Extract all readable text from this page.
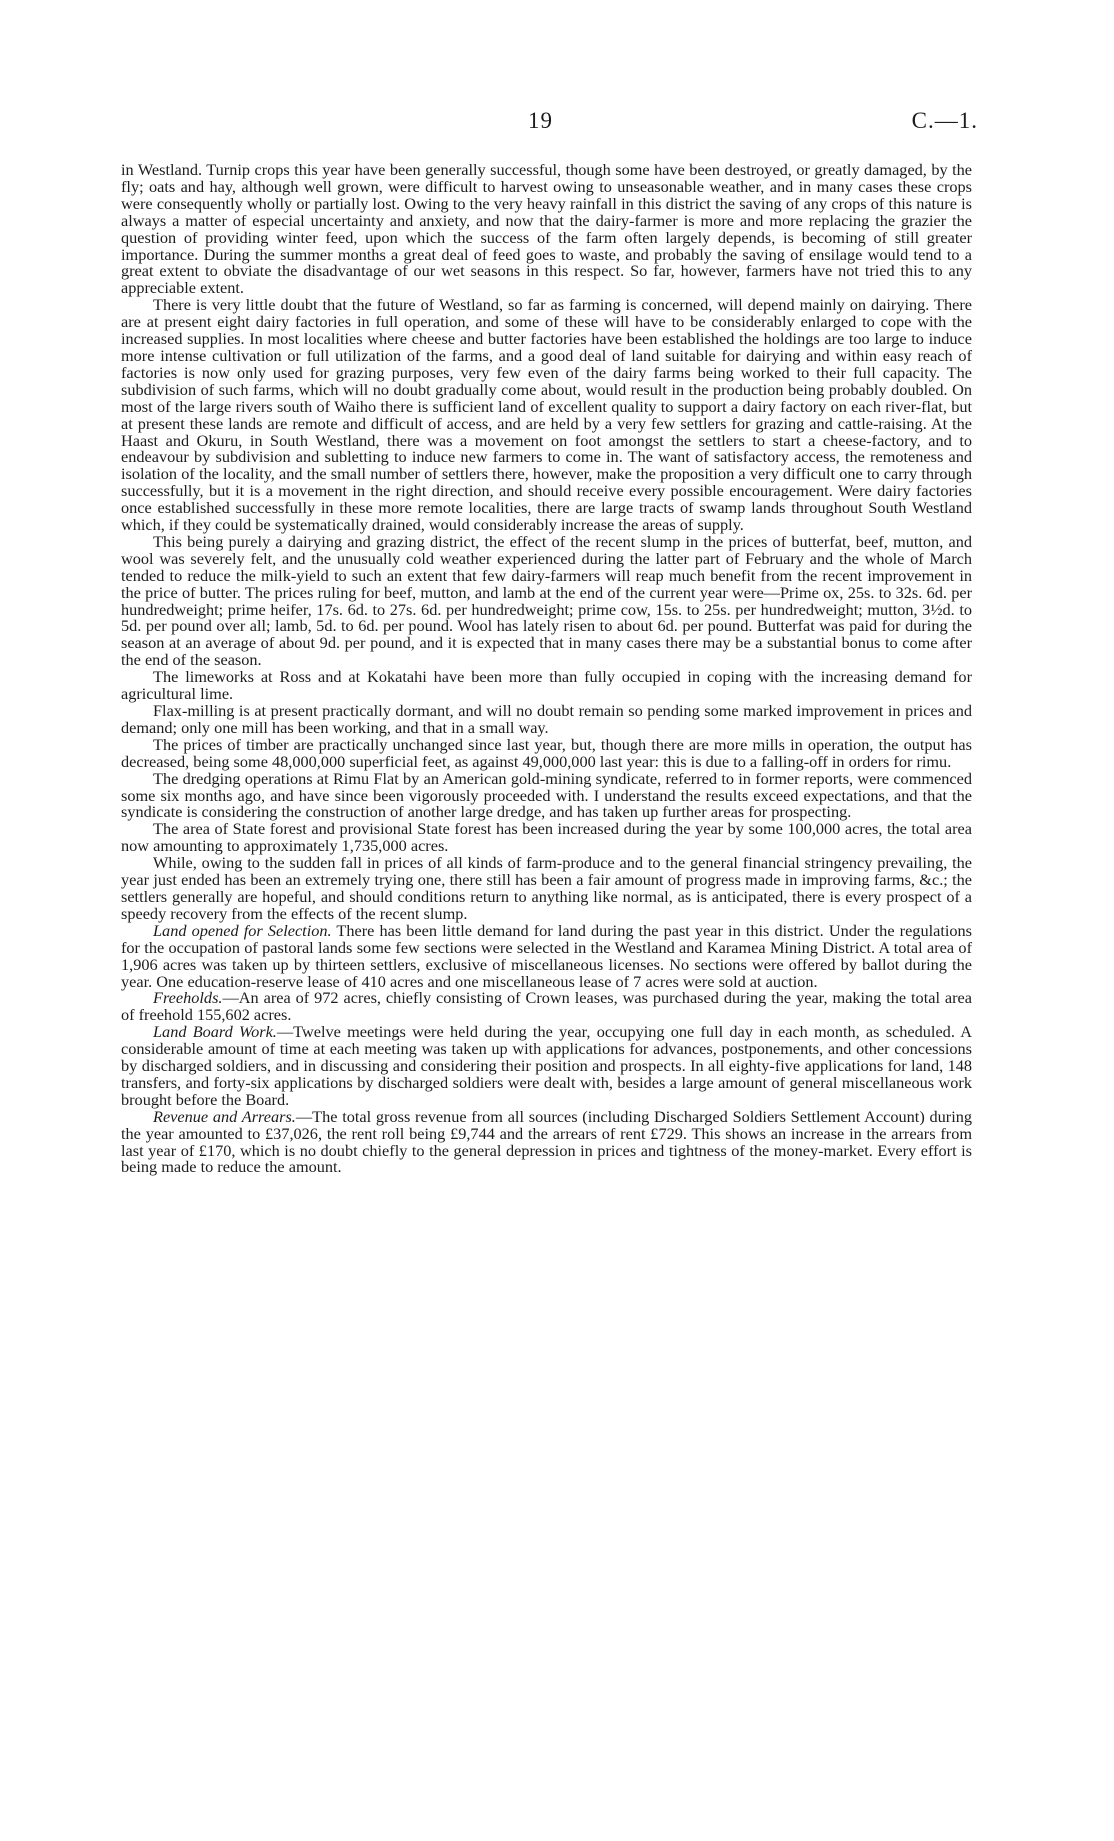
19	C.—1.

in Westland. Turnip crops this year have been generally successful, though some have been destroyed, or greatly damaged, by the fly; oats and hay, although well grown, were difficult to harvest owing to unseasonable weather, and in many cases these crops were consequently wholly or partially lost. Owing to the very heavy rainfall in this district the saving of any crops of this nature is always a matter of especial uncertainty and anxiety, and now that the dairy-farmer is more and more replacing the grazier the question of providing winter feed, upon which the success of the farm often largely depends, is becoming of still greater importance. During the summer months a great deal of feed goes to waste, and probably the saving of ensilage would tend to a great extent to obviate the disadvantage of our wet seasons in this respect. So far, however, farmers have not tried this to any appreciable extent.

There is very little doubt that the future of Westland, so far as farming is concerned, will depend mainly on dairying. There are at present eight dairy factories in full operation, and some of these will have to be considerably enlarged to cope with the increased supplies. In most localities where cheese and butter factories have been established the holdings are too large to induce more intense cultivation or full utilization of the farms, and a good deal of land suitable for dairying and within easy reach of factories is now only used for grazing purposes, very few even of the dairy farms being worked to their full capacity. The subdivision of such farms, which will no doubt gradually come about, would result in the production being probably doubled. On most of the large rivers south of Waiho there is sufficient land of excellent quality to support a dairy factory on each river-flat, but at present these lands are remote and difficult of access, and are held by a very few settlers for grazing and cattle-raising. At the Haast and Okuru, in South Westland, there was a movement on foot amongst the settlers to start a cheese-factory, and to endeavour by subdivision and subletting to induce new farmers to come in. The want of satisfactory access, the remoteness and isolation of the locality, and the small number of settlers there, however, make the proposition a very difficult one to carry through successfully, but it is a movement in the right direction, and should receive every possible encouragement. Were dairy factories once established successfully in these more remote localities, there are large tracts of swamp lands throughout South Westland which, if they could be systematically drained, would considerably increase the areas of supply.

This being purely a dairying and grazing district, the effect of the recent slump in the prices of butterfat, beef, mutton, and wool was severely felt, and the unusually cold weather experienced during the latter part of February and the whole of March tended to reduce the milk-yield to such an extent that few dairy-farmers will reap much benefit from the recent improvement in the price of butter. The prices ruling for beef, mutton, and lamb at the end of the current year were—Prime ox, 25s. to 32s. 6d. per hundredweight; prime heifer, 17s. 6d. to 27s. 6d. per hundredweight; prime cow, 15s. to 25s. per hundredweight; mutton, 3½d. to 5d. per pound over all; lamb, 5d. to 6d. per pound. Wool has lately risen to about 6d. per pound. Butterfat was paid for during the season at an average of about 9d. per pound, and it is expected that in many cases there may be a substantial bonus to come after the end of the season.

The limeworks at Ross and at Kokatahi have been more than fully occupied in coping with the increasing demand for agricultural lime.

Flax-milling is at present practically dormant, and will no doubt remain so pending some marked improvement in prices and demand; only one mill has been working, and that in a small way.

The prices of timber are practically unchanged since last year, but, though there are more mills in operation, the output has decreased, being some 48,000,000 superficial feet, as against 49,000,000 last year: this is due to a falling-off in orders for rimu.

The dredging operations at Rimu Flat by an American gold-mining syndicate, referred to in former reports, were commenced some six months ago, and have since been vigorously proceeded with. I understand the results exceed expectations, and that the syndicate is considering the construction of another large dredge, and has taken up further areas for prospecting.

The area of State forest and provisional State forest has been increased during the year by some 100,000 acres, the total area now amounting to approximately 1,735,000 acres.

While, owing to the sudden fall in prices of all kinds of farm-produce and to the general financial stringency prevailing, the year just ended has been an extremely trying one, there still has been a fair amount of progress made in improving farms, &c.; the settlers generally are hopeful, and should conditions return to anything like normal, as is anticipated, there is every prospect of a speedy recovery from the effects of the recent slump.

Land opened for Selection. There has been little demand for land during the past year in this district. Under the regulations for the occupation of pastoral lands some few sections were selected in the Westland and Karamea Mining District. A total area of 1,906 acres was taken up by thirteen settlers, exclusive of miscellaneous licenses. No sections were offered by ballot during the year. One education-reserve lease of 410 acres and one miscellaneous lease of 7 acres were sold at auction.

Freeholds.—An area of 972 acres, chiefly consisting of Crown leases, was purchased during the year, making the total area of freehold 155,602 acres.

Land Board Work.—Twelve meetings were held during the year, occupying one full day in each month, as scheduled. A considerable amount of time at each meeting was taken up with applications for advances, postponements, and other concessions by discharged soldiers, and in discussing and considering their position and prospects. In all eighty-five applications for land, 148 transfers, and forty-six applications by discharged soldiers were dealt with, besides a large amount of general miscellaneous work brought before the Board.

Revenue and Arrears.—The total gross revenue from all sources (including Discharged Soldiers Settlement Account) during the year amounted to £37,026, the rent roll being £9,744 and the arrears of rent £729. This shows an increase in the arrears from last year of £170, which is no doubt chiefly to the general depression in prices and tightness of the money-market. Every effort is being made to reduce the amount.
